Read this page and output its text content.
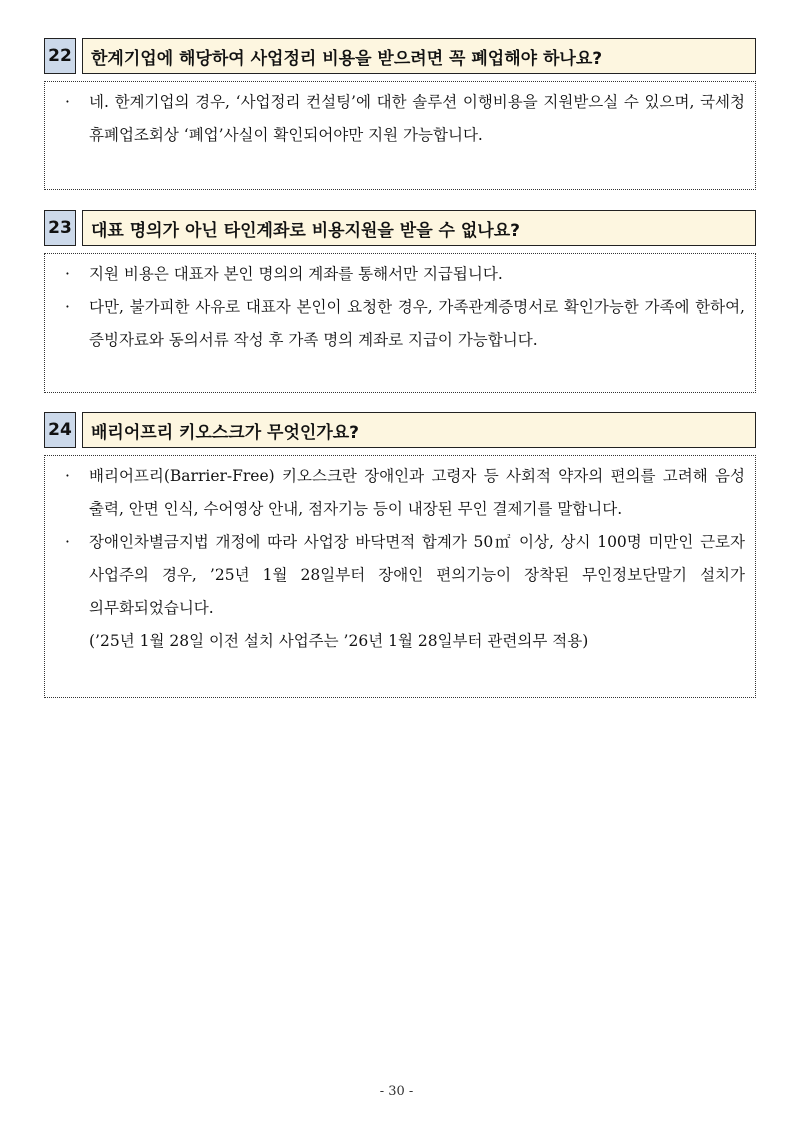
22	한계기업에 해당하여 사업정리 비용을 받으려면 꼭 폐업해야 하나요?
·	네. 한계기업의 경우, ‘사업정리 컨설팅’에 대한 솔루션 이행비용을 지원받으실 수 있으며, 국세청 휴폐업조회상 ‘폐업’사실이 확인되어야만 지원 가능합니다.
23	대표 명의가 아닌 타인계좌로 비용지원을 받을 수 없나요?
·	지원 비용은 대표자 본인 명의의 계좌를 통해서만 지급됩니다.
·	다만, 불가피한 사유로 대표자 본인이 요청한 경우, 가족관계증명서로 확인가능한 가족에 한하여, 증빙자료와 동의서류 작성 후 가족 명의 계좌로 지급이 가능합니다.
24	배리어프리 키오스크가 무엇인가요?
·	배리어프리(Barrier-Free) 키오스크란 장애인과 고령자 등 사회적 약자의 편의를 고려해 음성 출력, 안면 인식, 수어영상 안내, 점자기능 등이 내장된 무인 결제기를 말합니다.
·	장애인차별금지법 개정에 따라 사업장 바닥면적 합계가 50㎡ 이상, 상시 100명 미만인 근로자 사업주의 경우, ’25년 1월 28일부터 장애인 편의기능이 장착된 무인정보단말기 설치가 의무화되었습니다.
(’25년 1월 28일 이전 설치 사업주는 ’26년 1월 28일부터 관련의무 적용)
- 30 -
